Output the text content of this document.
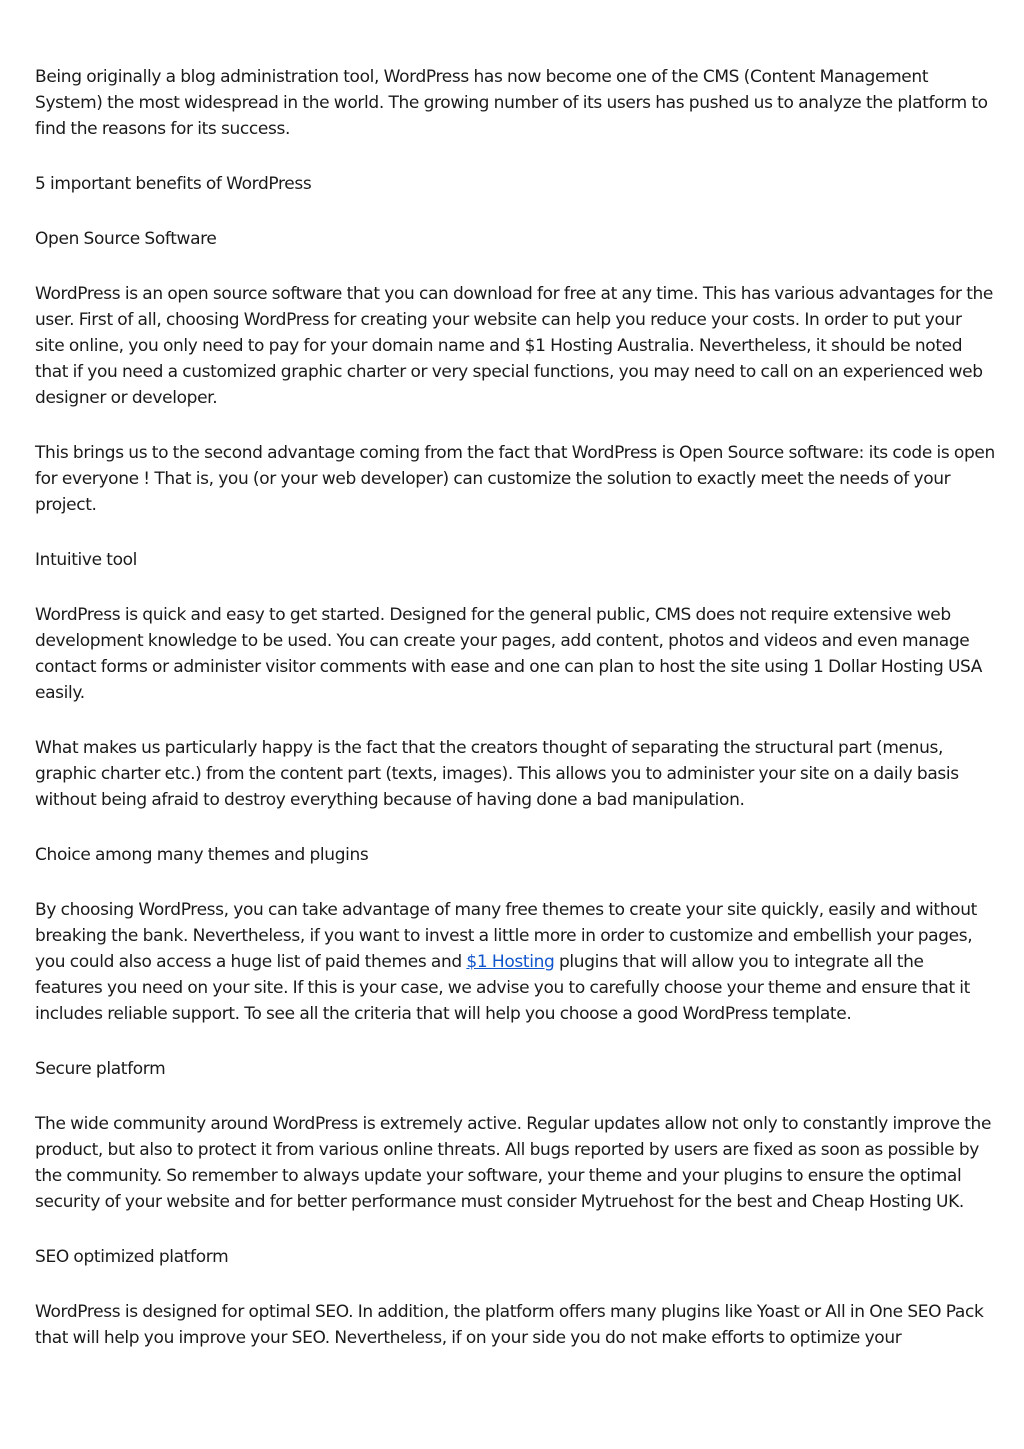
Being originally a blog administration tool, WordPress has now become one of the CMS (Content Management System) the most widespread in the world. The growing number of its users has pushed us to analyze the platform to find the reasons for its success.

5 important benefits of WordPress

Open Source Software

WordPress is an open source software that you can download for free at any time. This has various advantages for the user. First of all, choosing WordPress for creating your website can help you reduce your costs. In order to put your site online, you only need to pay for your domain name and $1 Hosting Australia. Nevertheless, it should be noted that if you need a customized graphic charter or very special functions, you may need to call on an experienced web designer or developer.

This brings us to the second advantage coming from the fact that WordPress is Open Source software: its code is open for everyone ! That is, you (or your web developer) can customize the solution to exactly meet the needs of your project.

Intuitive tool

WordPress is quick and easy to get started. Designed for the general public, CMS does not require extensive web development knowledge to be used. You can create your pages, add content, photos and videos and even manage contact forms or administer visitor comments with ease and one can plan to host the site using 1 Dollar Hosting USA easily.

What makes us particularly happy is the fact that the creators thought of separating the structural part (menus, graphic charter etc.) from the content part (texts, images). This allows you to administer your site on a daily basis without being afraid to destroy everything because of having done a bad manipulation.

Choice among many themes and plugins

By choosing WordPress, you can take advantage of many free themes to create your site quickly, easily and without breaking the bank. Nevertheless, if you want to invest a little more in order to customize and embellish your pages, you could also access a huge list of paid themes and $1 Hosting plugins that will allow you to integrate all the features you need on your site. If this is your case, we advise you to carefully choose your theme and ensure that it includes reliable support. To see all the criteria that will help you choose a good WordPress template.

Secure platform

The wide community around WordPress is extremely active. Regular updates allow not only to constantly improve the product, but also to protect it from various online threats. All bugs reported by users are fixed as soon as possible by the community. So remember to always update your software, your theme and your plugins to ensure the optimal security of your website and for better performance must consider Mytruehost for the best and Cheap Hosting UK.

SEO optimized platform

WordPress is designed for optimal SEO. In addition, the platform offers many plugins like Yoast or All in One SEO Pack that will help you improve your SEO. Nevertheless, if on your side you do not make efforts to optimize your
